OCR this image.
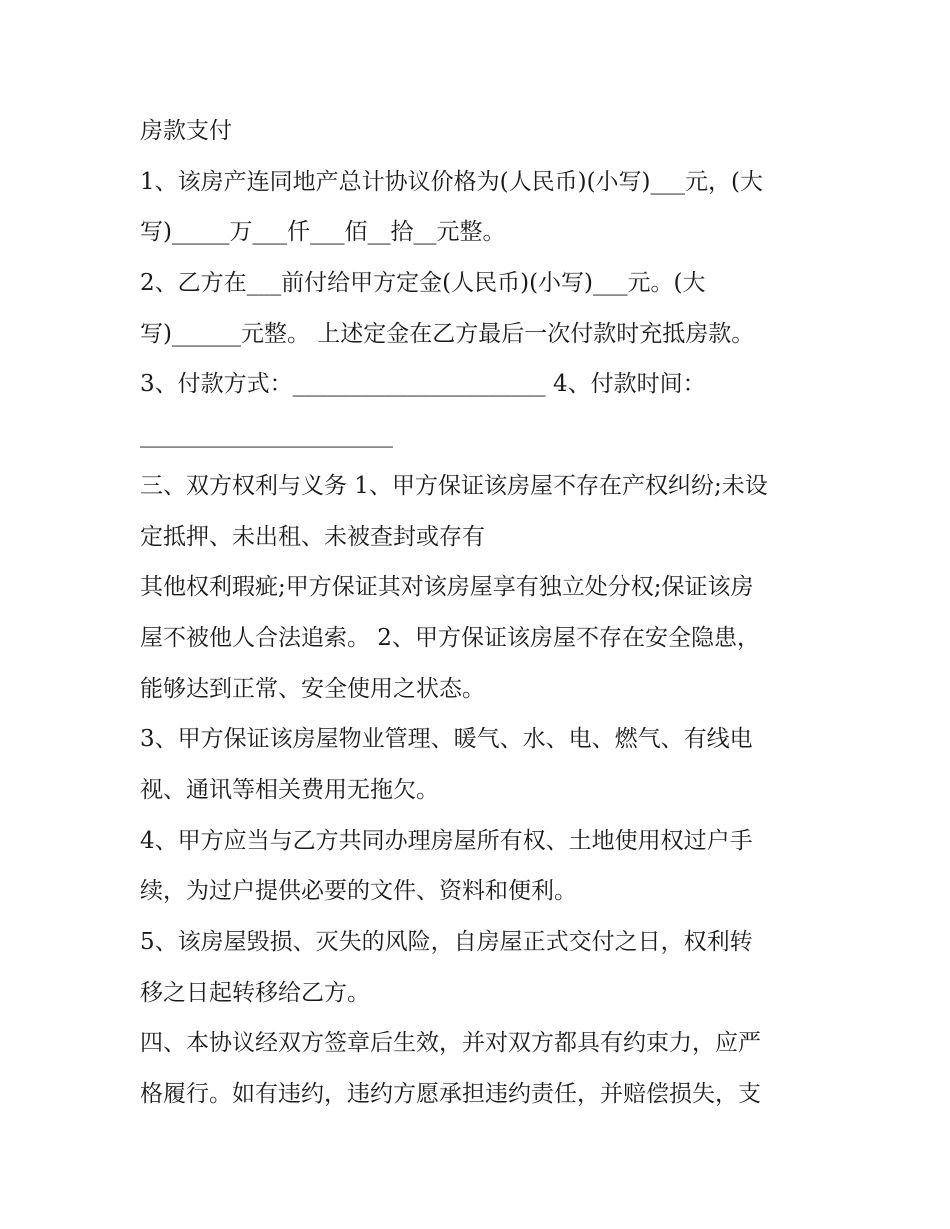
房款支付

1、该房产连同地产总计协议价格为(人民币)(小写)___元，(大

写)_____万___仟___佰__拾__元整。

2、乙方在___前付给甲方定金(人民币)(小写)___元。(大

写)______元整。 上述定金在乙方最后一次付款时充抵房款。

3、付款方式：______________________ 4、付款时间：

______________________

三、双方权利与义务 1、甲方保证该房屋不存在产权纠纷;未设

定抵押、未出租、未被查封或存有

其他权利瑕疵;甲方保证其对该房屋享有独立处分权;保证该房

屋不被他人合法追索。 2、甲方保证该房屋不存在安全隐患，

能够达到正常、安全使用之状态。

3、甲方保证该房屋物业管理、暖气、水、电、燃气、有线电

视、通讯等相关费用无拖欠。

4、甲方应当与乙方共同办理房屋所有权、土地使用权过户手

续，为过户提供必要的文件、资料和便利。

5、该房屋毁损、灭失的风险，自房屋正式交付之日，权利转

移之日起转移给乙方。

四、本协议经双方签章后生效，并对双方都具有约束力，应严

格履行。如有违约，违约方愿承担违约责任，并赔偿损失，支
